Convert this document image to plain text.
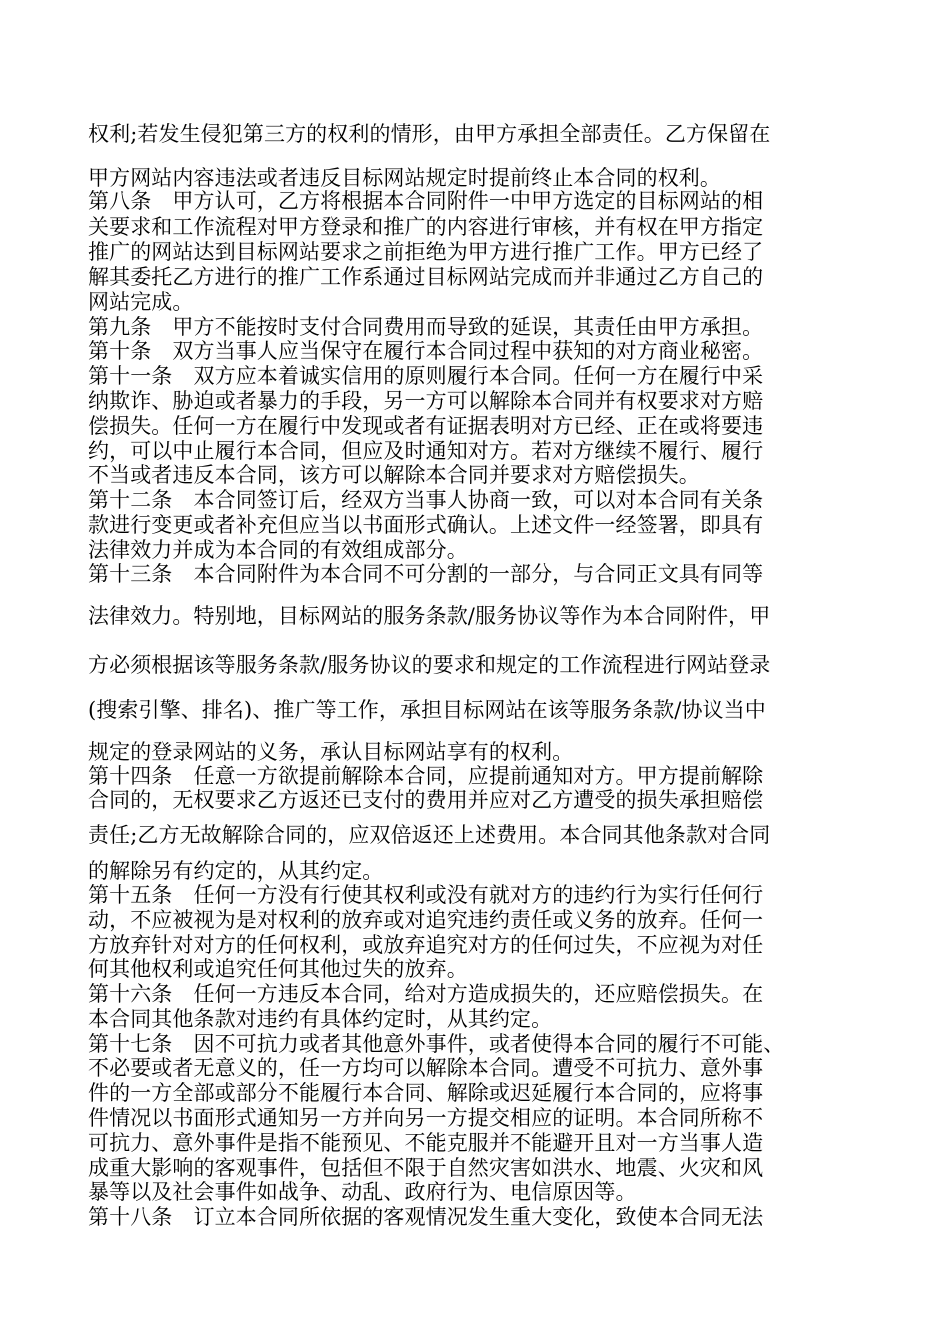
权利;若发生侵犯第三方的权利的情形，由甲方承担全部责任。乙方保留在
甲方网站内容违法或者违反目标网站规定时提前终止本合同的权利。
第八条　甲方认可，乙方将根据本合同附件一中甲方选定的目标网站的相
关要求和工作流程对甲方登录和推广的内容进行审核，并有权在甲方指定
推广的网站达到目标网站要求之前拒绝为甲方进行推广工作。甲方已经了
解其委托乙方进行的推广工作系通过目标网站完成而并非通过乙方自己的
网站完成。
第九条　甲方不能按时支付合同费用而导致的延误，其责任由甲方承担。
第十条　双方当事人应当保守在履行本合同过程中获知的对方商业秘密。
第十一条　双方应本着诚实信用的原则履行本合同。任何一方在履行中采
纳欺诈、胁迫或者暴力的手段，另一方可以解除本合同并有权要求对方赔
偿损失。任何一方在履行中发现或者有证据表明对方已经、正在或将要违
约，可以中止履行本合同，但应及时通知对方。若对方继续不履行、履行
不当或者违反本合同，该方可以解除本合同并要求对方赔偿损失。
第十二条　本合同签订后，经双方当事人协商一致，可以对本合同有关条
款进行变更或者补充但应当以书面形式确认。上述文件一经签署，即具有
法律效力并成为本合同的有效组成部分。
第十三条　本合同附件为本合同不可分割的一部分，与合同正文具有同等
法律效力。特别地，目标网站的服务条款/服务协议等作为本合同附件，甲
方必须根据该等服务条款/服务协议的要求和规定的工作流程进行网站登录
(搜索引擎、排名)、推广等工作，承担目标网站在该等服务条款/协议当中
规定的登录网站的义务，承认目标网站享有的权利。
第十四条　任意一方欲提前解除本合同，应提前通知对方。甲方提前解除
合同的，无权要求乙方返还已支付的费用并应对乙方遭受的损失承担赔偿
责任;乙方无故解除合同的，应双倍返还上述费用。本合同其他条款对合同
的解除另有约定的，从其约定。
第十五条　任何一方没有行使其权利或没有就对方的违约行为实行任何行
动，不应被视为是对权利的放弃或对追究违约责任或义务的放弃。任何一
方放弃针对对方的任何权利，或放弃追究对方的任何过失，不应视为对任
何其他权利或追究任何其他过失的放弃。
第十六条　任何一方违反本合同，给对方造成损失的，还应赔偿损失。在
本合同其他条款对违约有具体约定时，从其约定。
第十七条　因不可抗力或者其他意外事件，或者使得本合同的履行不可能、
不必要或者无意义的，任一方均可以解除本合同。遭受不可抗力、意外事
件的一方全部或部分不能履行本合同、解除或迟延履行本合同的，应将事
件情况以书面形式通知另一方并向另一方提交相应的证明。本合同所称不
可抗力、意外事件是指不能预见、不能克服并不能避开且对一方当事人造
成重大影响的客观事件，包括但不限于自然灾害如洪水、地震、火灾和风
暴等以及社会事件如战争、动乱、政府行为、电信原因等。
第十八条　订立本合同所依据的客观情况发生重大变化，致使本合同无法
